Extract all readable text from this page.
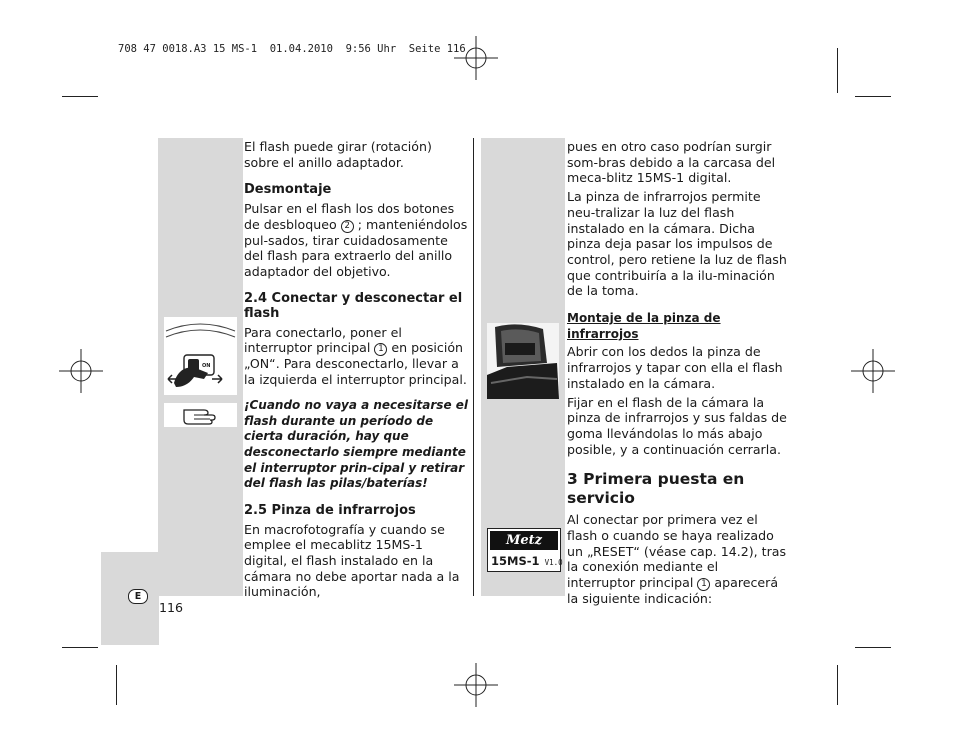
708 47 0018.A3 15 MS-1  01.04.2010  9:56 Uhr  Seite 116
E
116
ON
Metz
15MS-1 V1.0

El flash puede girar (rotación) sobre el anillo adaptador.

Desmontaje

Pulsar en el flash los dos botones de desbloqueo 2 ; manteniéndolos pul-sados, tirar cuidadosamente del flash para extraerlo del anillo adaptador del objetivo.

2.4 Conectar y desconectar el flash

Para conectarlo, poner el interruptor principal 1 en posición „ON“. Para desconectarlo, llevar a la izquierda el interruptor principal.

¡Cuando no vaya a necesitarse el flash durante un período de cierta duración, hay que desconectarlo siempre mediante el interruptor prin-cipal y retirar del flash las pilas/baterías!

2.5 Pinza de infrarrojos

En macrofotografía y cuando se emplee el mecablitz 15MS-1 digital, el flash instalado en la cámara no debe aportar nada a la iluminación,

pues en otro caso podrían surgir som-bras debido a la carcasa del meca-blitz 15MS-1 digital.

La pinza de infrarrojos permite neu-tralizar la luz del flash instalado en la cámara. Dicha pinza deja pasar los impulsos de control, pero retiene la luz de flash que contribuiría a la ilu-minación de la toma.

Montaje de la pinza de infrarrojos

Abrir con los dedos la pinza de infrarrojos y tapar con ella el flash instalado en la cámara.

Fijar en el flash de la cámara la pinza de infrarrojos y sus faldas de goma llevándolas lo más abajo posible, y a continuación cerrarla.

3 Primera puesta en servicio

Al conectar por primera vez el flash o cuando se haya realizado un „RESET“ (véase cap. 14.2), tras la conexión mediante el interruptor principal 1 aparecerá la siguiente indicación:
